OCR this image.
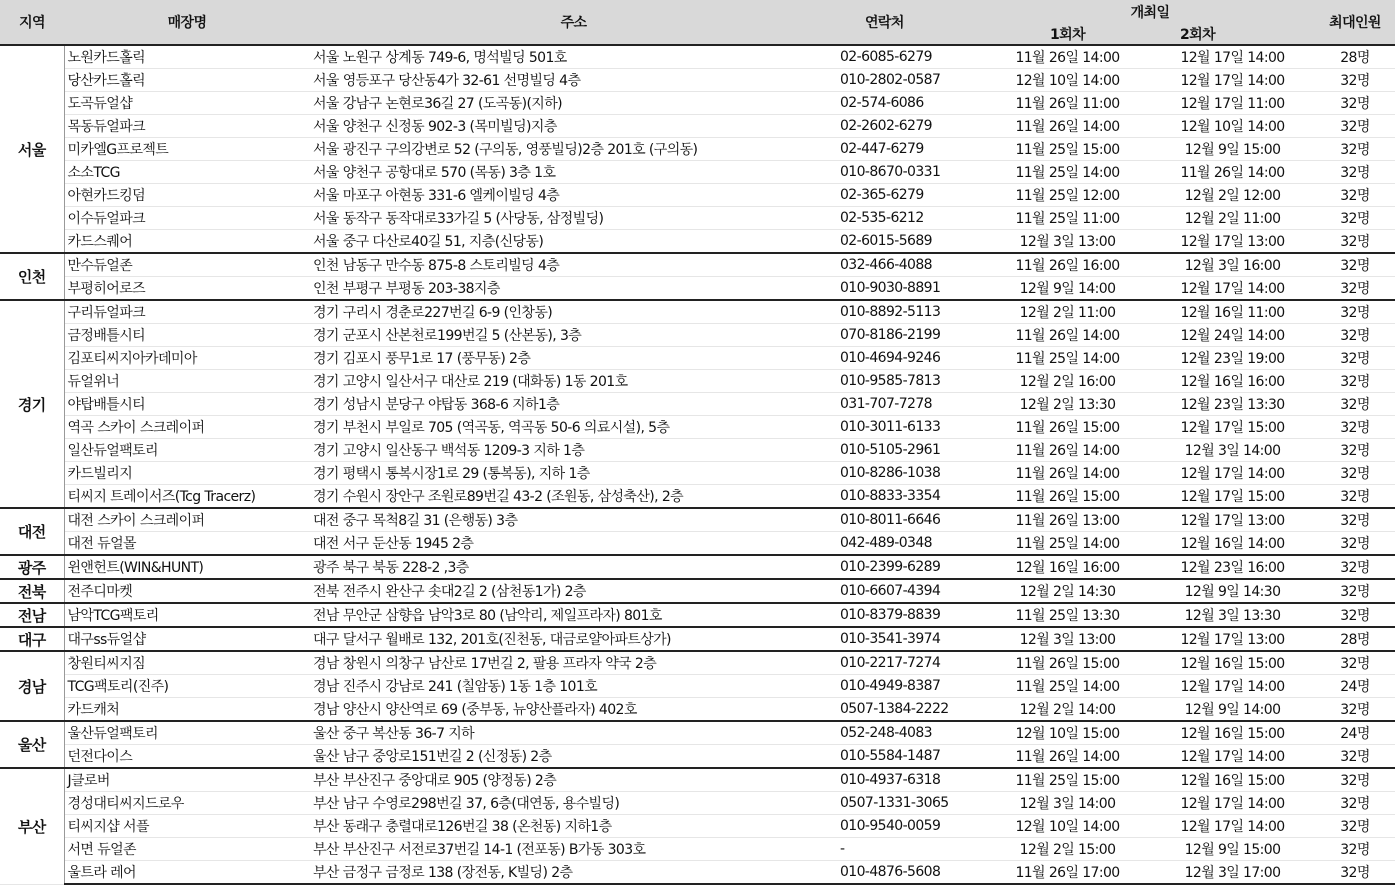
지역	매장명	주소	연락처	개최일		최대인원
				1회차	2회차	
서울	노원카드홀릭	서울 노원구 상계동 749-6, 명석빌딩 501호	02-6085-6279	11월 26일 14:00	12월 17일 14:00	28명
	당산카드홀릭	서울 영등포구 당산동4가 32-61 선명빌딩 4층	010-2802-0587	12월 10일 14:00	12월 17일 14:00	32명
	도곡듀얼샵	서울 강남구 논현로36길 27 (도곡동)(지하)	02-574-6086	11월 26일 11:00	12월 17일 11:00	32명
	목동듀얼파크	서울 양천구 신정동 902-3 (목미빌딩)지층	02-2602-6279	11월 26일 14:00	12월 10일 14:00	32명
	미카엘G프로젝트	서울 광진구 구의강변로 52 (구의동, 영풍빌딩)2층 201호 (구의동)	02-447-6279	11월 25일 15:00	12월 9일 15:00	32명
	소소TCG	서울 양천구 공항대로 570 (목동) 3층 1호	010-8670-0331	11월 25일 14:00	11월 26일 14:00	32명
	아현카드킹덤	서울 마포구 아현동 331-6 엘케이빌딩 4층	02-365-6279	11월 25일 12:00	12월 2일 12:00	32명
	이수듀얼파크	서울 동작구 동작대로33가길 5 (사당동, 삼정빌딩)	02-535-6212	11월 25일 11:00	12월 2일 11:00	32명
	카드스퀘어	서울 중구 다산로40길 51, 지층(신당동)	02-6015-5689	12월 3일 13:00	12월 17일 13:00	32명
인천	만수듀얼존	인천 남동구 만수동 875-8 스토리빌딩 4층	032-466-4088	11월 26일 16:00	12월 3일 16:00	32명
	부평히어로즈	인천 부평구 부평동 203-38지층	010-9030-8891	12월 9일 14:00	12월 17일 14:00	32명
경기	구리듀얼파크	경기 구리시 경춘로227번길 6-9 (인창동)	010-8892-5113	12월 2일 11:00	12월 16일 11:00	32명
	금정배틀시티	경기 군포시 산본천로199번길 5 (산본동), 3층	070-8186-2199	11월 26일 14:00	12월 24일 14:00	32명
	김포티씨지아카데미아	경기 김포시 풍무1로 17 (풍무동) 2층	010-4694-9246	11월 25일 14:00	12월 23일 19:00	32명
	듀얼위너	경기 고양시 일산서구 대산로 219 (대화동) 1동 201호	010-9585-7813	12월 2일 16:00	12월 16일 16:00	32명
	야탑배틀시티	경기 성남시 분당구 야탑동 368-6 지하1층	031-707-7278	12월 2일 13:30	12월 23일 13:30	32명
	역곡 스카이 스크레이퍼	경기 부천시 부일로 705 (역곡동, 역곡동 50-6 의료시설), 5층	010-3011-6133	11월 26일 15:00	12월 17일 15:00	32명
	일산듀얼팩토리	경기 고양시 일산동구 백석동 1209-3 지하 1층	010-5105-2961	11월 26일 14:00	12월 3일 14:00	32명
	카드빌리지	경기 평택시 통복시장1로 29 (통복동), 지하 1층	010-8286-1038	11월 26일 14:00	12월 17일 14:00	32명
	티씨지 트레이서즈(Tcg Tracerz)	경기 수원시 장안구 조원로89번길 43-2 (조원동, 삼성축산), 2층	010-8833-3354	11월 26일 15:00	12월 17일 15:00	32명
대전	대전 스카이 스크레이퍼	대전 중구 목척8길 31 (은행동) 3층	010-8011-6646	11월 26일 13:00	12월 17일 13:00	32명
	대전 듀얼몰	대전 서구 둔산동 1945 2층	042-489-0348	11월 25일 14:00	12월 16일 14:00	32명
광주	윈앤헌트(WIN&HUNT)	광주 북구 북동 228-2 ,3층	010-2399-6289	12월 16일 16:00	12월 23일 16:00	32명
전북	전주디마켓	전북 전주시 완산구 솟대2길 2 (삼천동1가) 2층	010-6607-4394	12월 2일 14:30	12월 9일 14:30	32명
전남	남악TCG팩토리	전남 무안군 삼향읍 남악3로 80 (남악리, 제일프라자) 801호	010-8379-8839	11월 25일 13:30	12월 3일 13:30	32명
대구	대구ss듀얼샵	대구 달서구 월배로 132, 201호(진천동, 대금로얄아파트상가)	010-3541-3974	12월 3일 13:00	12월 17일 13:00	28명
경남	창원티씨지짐	경남 창원시 의창구 남산로 17번길 2, 팔용 프라자 약국 2층	010-2217-7274	11월 26일 15:00	12월 16일 15:00	32명
	TCG팩토리(진주)	경남 진주시 강남로 241 (칠암동) 1동 1층 101호	010-4949-8387	11월 25일 14:00	12월 17일 14:00	24명
	카드캐처	경남 양산시 양산역로 69 (중부동, 뉴양산플라자) 402호	0507-1384-2222	12월 2일 14:00	12월 9일 14:00	32명
울산	울산듀얼팩토리	울산 중구 복산동 36-7 지하	052-248-4083	12월 10일 15:00	12월 16일 15:00	24명
	던전다이스	울산 남구 중앙로151번길 2 (신정동) 2층	010-5584-1487	11월 26일 14:00	12월 17일 14:00	32명
부산	J클로버	부산 부산진구 중앙대로 905 (양정동) 2층	010-4937-6318	11월 25일 15:00	12월 16일 15:00	32명
	경성대티씨지드로우	부산 남구 수영로298번길 37, 6층(대연동, 용수빌딩)	0507-1331-3065	12월 3일 14:00	12월 17일 14:00	32명
	티씨지샵 서플	부산 동래구 충렬대로126번길 38 (온천동) 지하1층	010-9540-0059	12월 10일 14:00	12월 17일 14:00	32명
	서면 듀얼존	부산 부산진구 서전로37번길 14-1 (전포동) B가동 303호	-	12월 2일 15:00	12월 9일 15:00	32명
	울트라 레어	부산 금정구 금정로 138 (장전동, K빌딩) 2층	010-4876-5608	11월 26일 17:00	12월 3일 17:00	32명
